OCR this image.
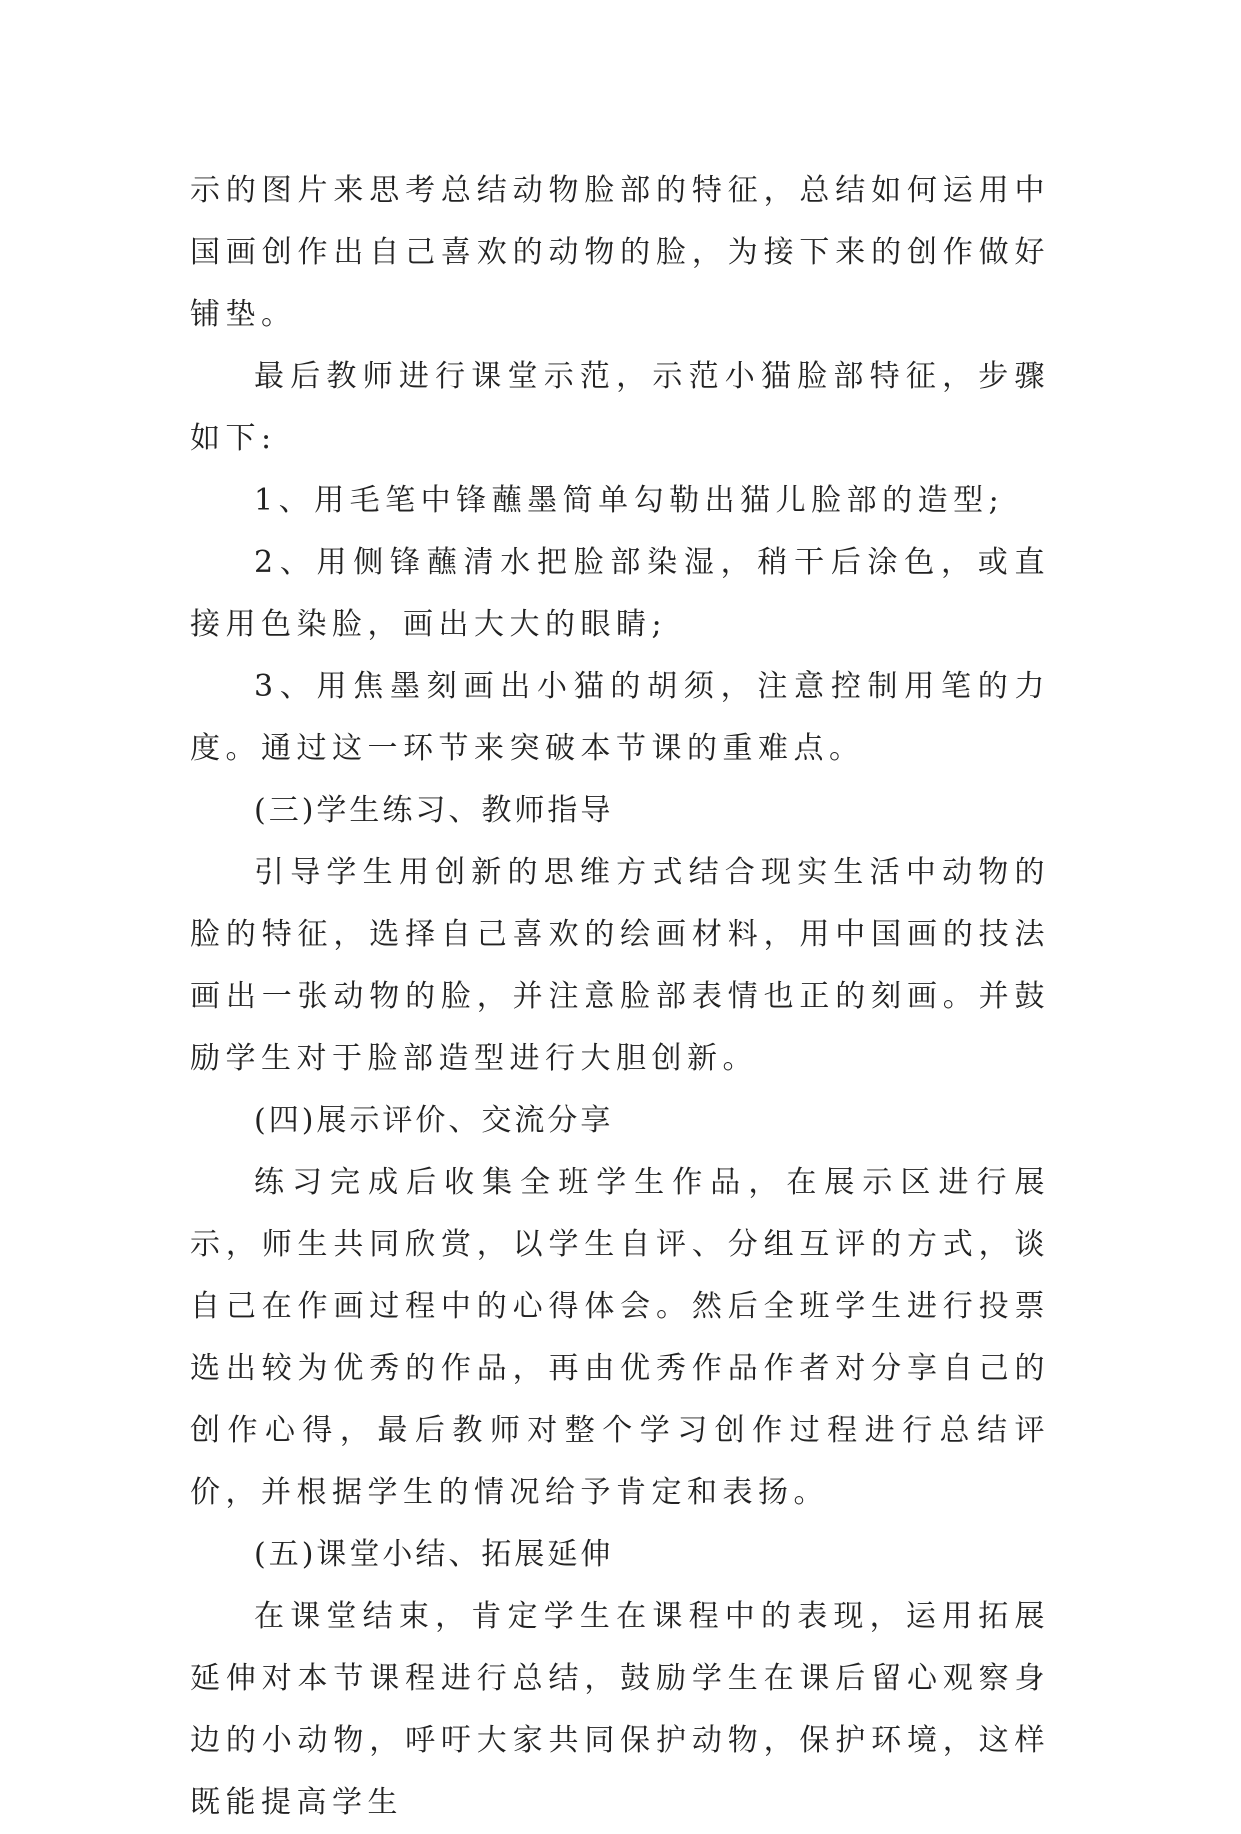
示的图片来思考总结动物脸部的特征，总结如何运用中国画创作出自己喜欢的动物的脸，为接下来的创作做好铺垫。

最后教师进行课堂示范，示范小猫脸部特征，步骤如下:

1、用毛笔中锋蘸墨简单勾勒出猫儿脸部的造型;

2、用侧锋蘸清水把脸部染湿，稍干后涂色，或直接用色染脸，画出大大的眼睛;

3、用焦墨刻画出小猫的胡须，注意控制用笔的力度。通过这一环节来突破本节课的重难点。

(三)学生练习、教师指导

引导学生用创新的思维方式结合现实生活中动物的脸的特征，选择自己喜欢的绘画材料，用中国画的技法画出一张动物的脸，并注意脸部表情也正的刻画。并鼓励学生对于脸部造型进行大胆创新。

(四)展示评价、交流分享

练习完成后收集全班学生作品，在展示区进行展示，师生共同欣赏，以学生自评、分组互评的方式，谈自己在作画过程中的心得体会。然后全班学生进行投票选出较为优秀的作品，再由优秀作品作者对分享自己的创作心得，最后教师对整个学习创作过程进行总结评价，并根据学生的情况给予肯定和表扬。

(五)课堂小结、拓展延伸

在课堂结束，肯定学生在课程中的表现，运用拓展延伸对本节课程进行总结，鼓励学生在课后留心观察身边的小动物，呼吁大家共同保护动物，保护环境，这样既能提高学生
